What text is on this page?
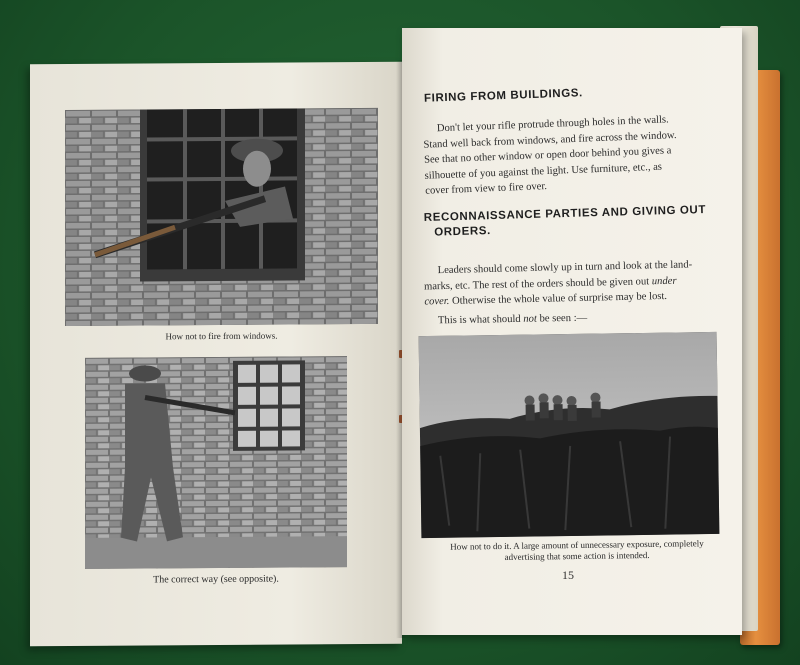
How not to fire from windows.
The correct way (see opposite).
FIRING FROM BUILDINGS.
Don't let your rifle protrude through holes in the walls.
Stand well back from windows, and fire across the window.
See that no other window or open door behind you gives a
silhouette of you against the light. Use furniture, etc., as
cover from view to fire over.
RECONNAISSANCE PARTIES AND GIVING OUT
ORDERS.
Leaders should come slowly up in turn and look at the land-
marks, etc. The rest of the orders should be given out under
cover. Otherwise the whole value of surprise may be lost.
This is what should not be seen :—
How not to do it. A large amount of unnecessary exposure, completely
advertising that some action is intended.
15
